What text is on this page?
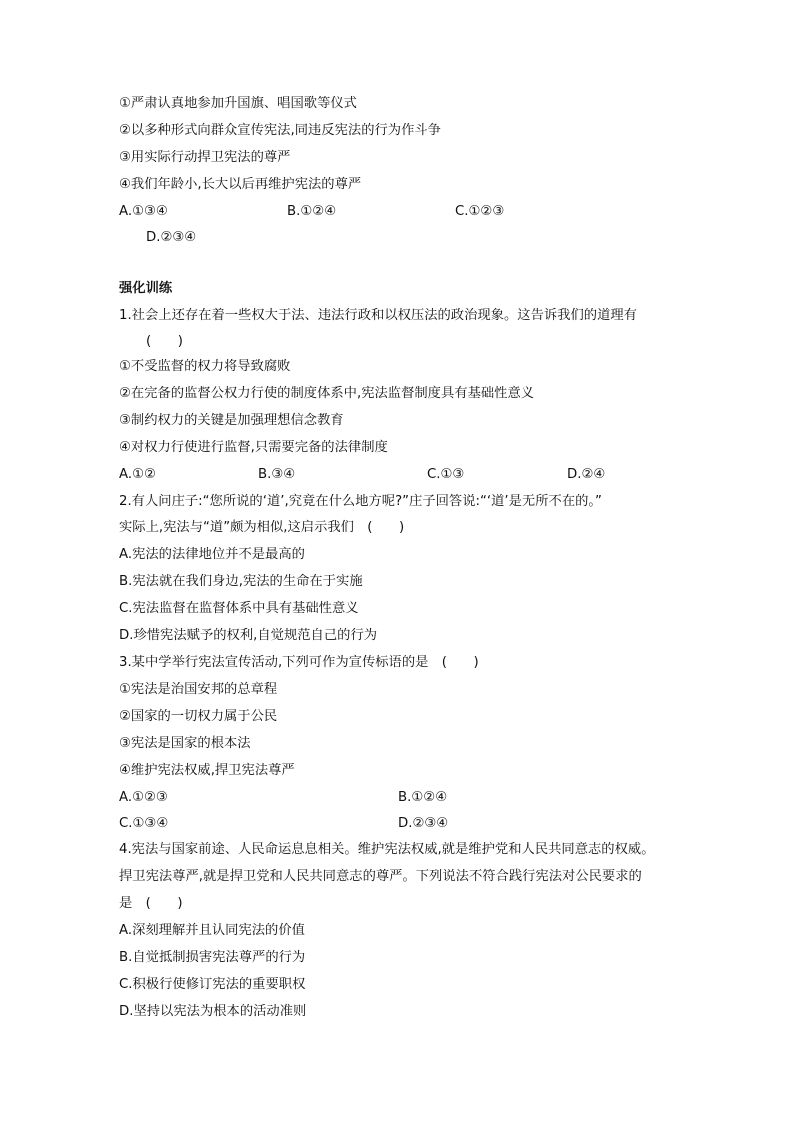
①严肃认真地参加升国旗、唱国歌等仪式
②以多种形式向群众宣传宪法,同违反宪法的行为作斗争
③用实际行动捍卫宪法的尊严
④我们年龄小,长大以后再维护宪法的尊严
A.①③④	B.①②④	C.①②③
D.②③④
强化训练
1.社会上还存在着一些权大于法、违法行政和以权压法的政治现象。这告诉我们的道理有
(　　)
①不受监督的权力将导致腐败
②在完备的监督公权力行使的制度体系中,宪法监督制度具有基础性意义
③制约权力的关键是加强理想信念教育
④对权力行使进行监督,只需要完备的法律制度
A.①②	B.③④	C.①③	D.②④
2.有人问庄子:“您所说的‘道’,究竟在什么地方呢?”庄子回答说:“‘道’是无所不在的。”
实际上,宪法与“道”颇为相似,这启示我们　(　　)
A.宪法的法律地位并不是最高的
B.宪法就在我们身边,宪法的生命在于实施
C.宪法监督在监督体系中具有基础性意义
D.珍惜宪法赋予的权利,自觉规范自己的行为
3.某中学举行宪法宣传活动,下列可作为宣传标语的是　(　　)
①宪法是治国安邦的总章程
②国家的一切权力属于公民
③宪法是国家的根本法
④维护宪法权威,捍卫宪法尊严
A.①②③	B.①②④
C.①③④	D.②③④
4.宪法与国家前途、人民命运息息相关。维护宪法权威,就是维护党和人民共同意志的权威。
捍卫宪法尊严,就是捍卫党和人民共同意志的尊严。下列说法不符合践行宪法对公民要求的
是　(　　)
A.深刻理解并且认同宪法的价值
B.自觉抵制损害宪法尊严的行为
C.积极行使修订宪法的重要职权
D.坚持以宪法为根本的活动准则
